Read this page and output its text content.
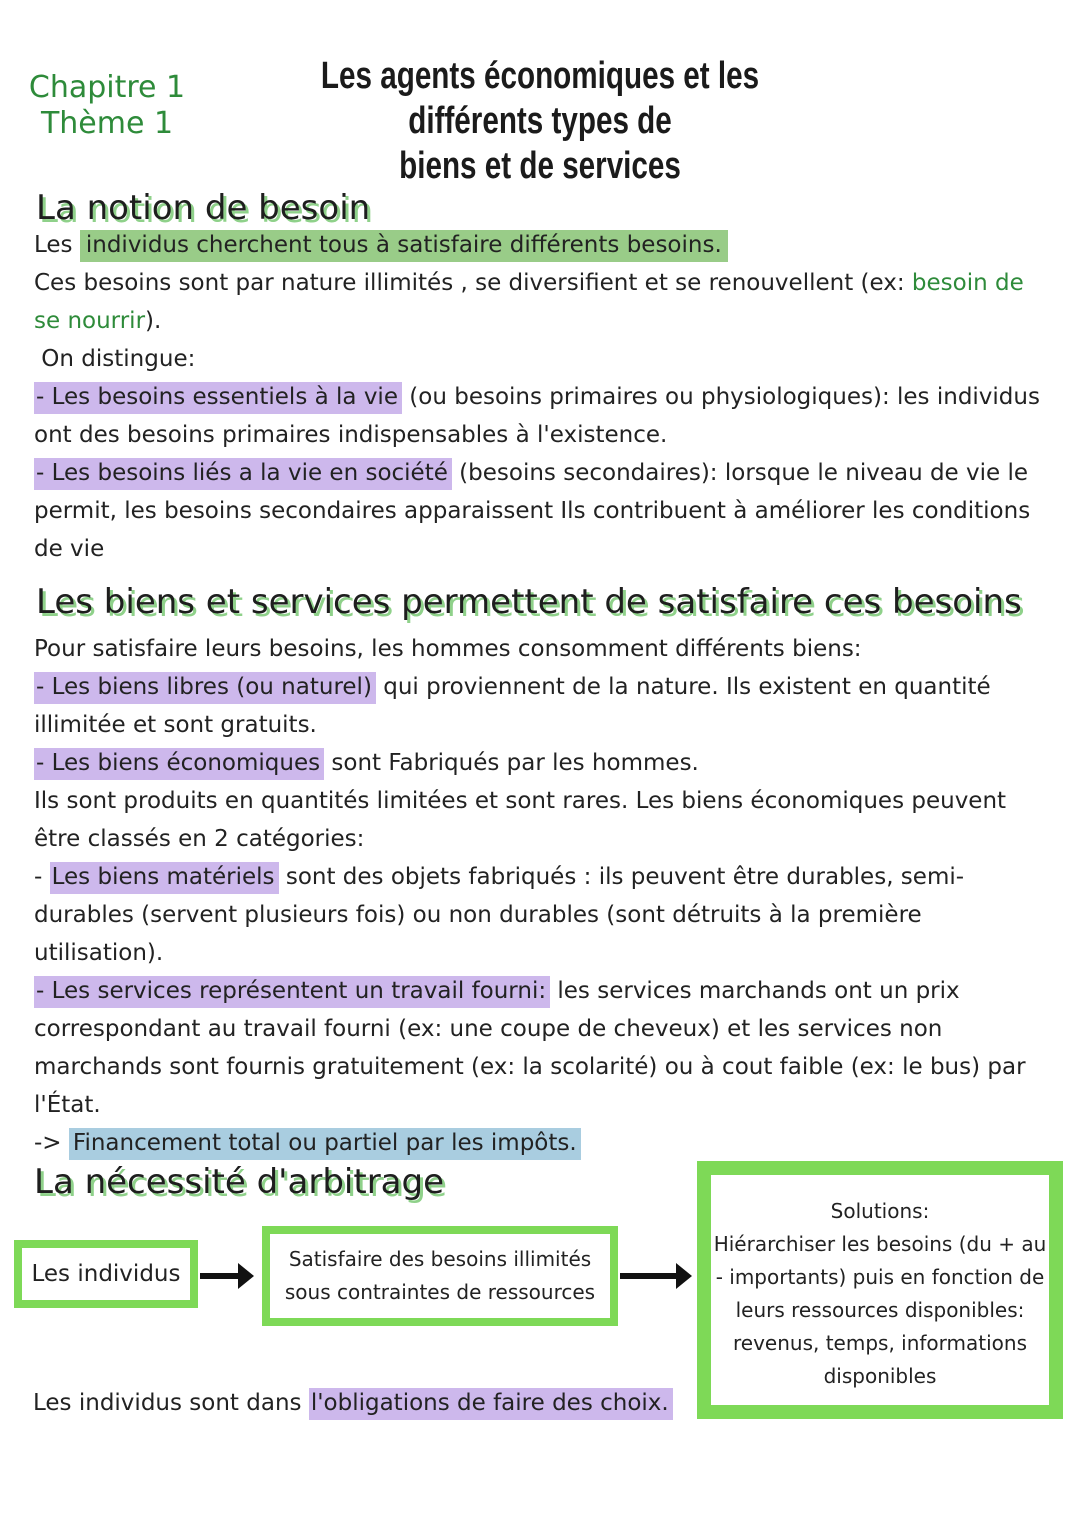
Chapitre 1
Thème 1
Les agents économiques et les différents types de
biens et de services
La notion de besoin
Les individus cherchent tous à satisfaire différents besoins.
Ces besoins sont par nature illimités , se diversifient et se renouvellent (ex: besoin de
se nourrir).
On distingue:
- Les besoins essentiels à la vie (ou besoins primaires ou physiologiques): les individus
ont des besoins primaires indispensables à l'existence.
- Les besoins liés a la vie en société (besoins secondaires): lorsque le niveau de vie le
permit, les besoins secondaires apparaissent Ils contribuent à améliorer les conditions
de vie
Les biens et services permettent de satisfaire ces besoins
Pour satisfaire leurs besoins, les hommes consomment différents biens:
- Les biens libres (ou naturel) qui proviennent de la nature. Ils existent en quantité
illimitée et sont gratuits.
- Les biens économiques sont Fabriqués par les hommes.
Ils sont produits en quantités limitées et sont rares. Les biens économiques peuvent
être classés en 2 catégories:
- Les biens matériels sont des objets fabriqués : ils peuvent être durables, semi-
durables (servent plusieurs fois) ou non durables (sont détruits à la première
utilisation).
- Les services représentent un travail fourni: les services marchands ont un prix
correspondant au travail fourni (ex: une coupe de cheveux) et les services non
marchands sont fournis gratuitement (ex: la scolarité) ou à cout faible (ex: le bus) par
l'État.
-> Financement total ou partiel par les impôts.
La nécessité d'arbitrage
Les individus
Satisfaire des besoins illimités
sous contraintes de ressources
Solutions:
Hiérarchiser les besoins (du + au
- importants) puis en fonction de
leurs ressources disponibles:
revenus, temps, informations
disponibles
Les individus sont dans l'obligations de faire des choix.
